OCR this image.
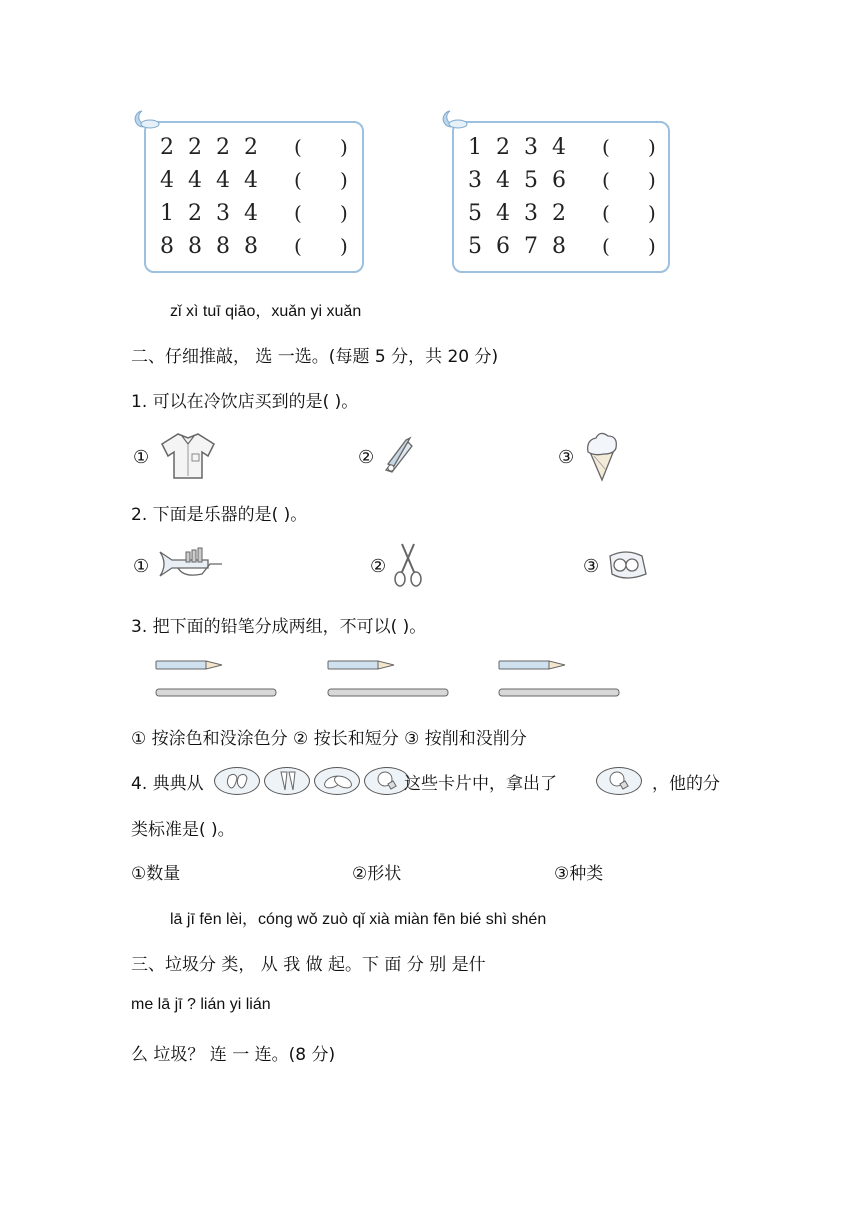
2 2 2 2 (      )
4 4 4 4 (      )
1 2 3 4 (      )
8 8 8 8 (      )
1 2 3 4 (      )
3 4 5 6 (      )
5 4 3 2 (      )
5 6 7 8 (      )
zǐ xì tuī qiāo，xuǎn yi xuǎn
二、仔细推敲， 选 一选。(每题 5 分，共 20 分)
1. 可以在冷饮店买到的是( )。
①	②	③
2. 下面是乐器的是( )。
①	②	③
3. 把下面的铅笔分成两组，不可以( )。
① 按涂色和没涂色分 ② 按长和短分 ③ 按削和没削分
4. 典典从	这些卡片中，拿出了	，他的分
类标准是( )。
①数量	②形状	③种类
lā jī fēn lèi，cónɡ wǒ zuò qǐ xià miàn fēn bié shì shén
三、垃圾分 类， 从 我 做 起。下 面 分 别 是什
me lā jī ? lián yi lián
么 垃圾？ 连 一 连。(8 分)
